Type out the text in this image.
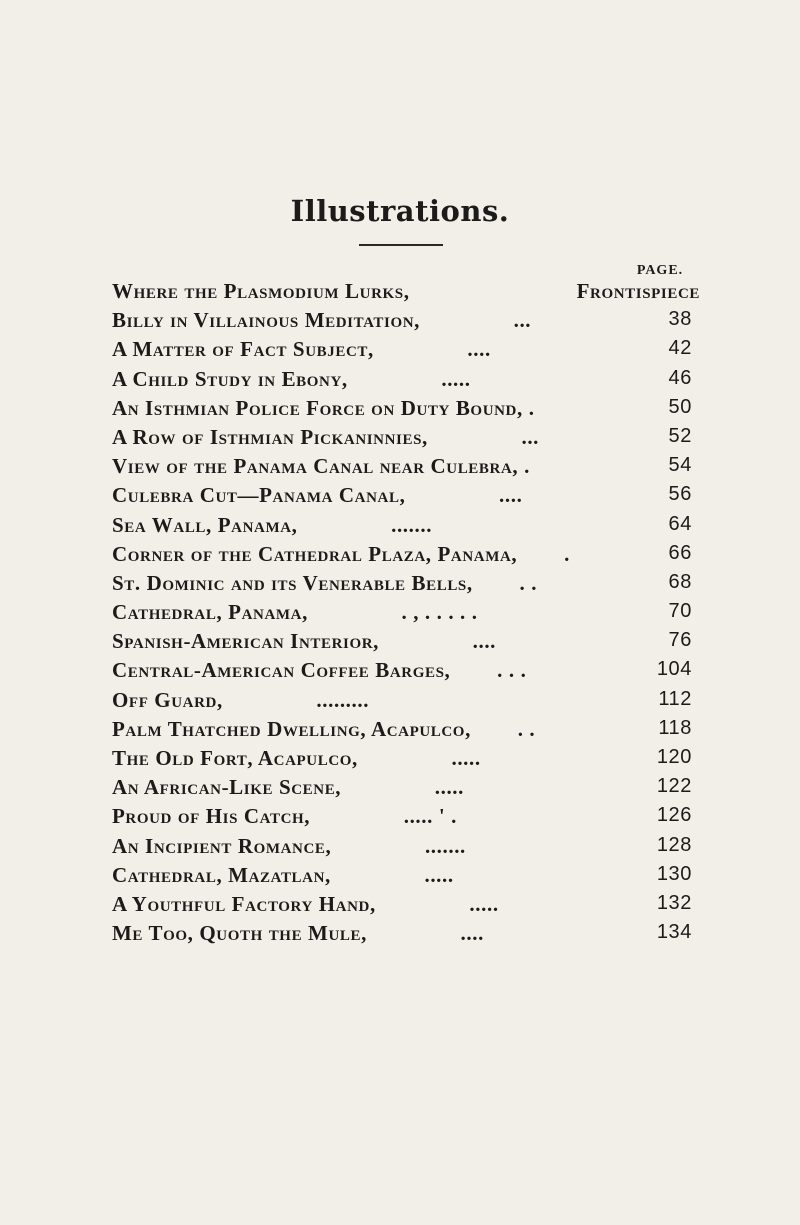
Illustrations.
PAGE.
Where the Plasmodium Lurks,	Frontispiece
Billy in Villainous Meditation,                ...	38
A Matter of Fact Subject,                ....	42
A Child Study in Ebony,                .....	46
An Isthmian Police Force on Duty Bound, .	50
A Row of Isthmian Pickaninnies,                ...	52
View of the Panama Canal near Culebra, .	54
Culebra Cut—Panama Canal,                ....	56
Sea Wall, Panama,                .......	64
Corner of the Cathedral Plaza, Panama,        .	66
St. Dominic and its Venerable Bells,        . .	68
Cathedral, Panama,                . , . . . . .	70
Spanish-American Interior,                ....	76
Central-American Coffee Barges,        . . .	104
Off Guard,                .........	112
Palm Thatched Dwelling, Acapulco,        . .	118
The Old Fort, Acapulco,                .....	120
An African-Like Scene,                .....	122
Proud of His Catch,                ..... ' .	126
An Incipient Romance,                .......	128
Cathedral, Mazatlan,                .....	130
A Youthful Factory Hand,                .....	132
Me Too, Quoth the Mule,                ....	134
